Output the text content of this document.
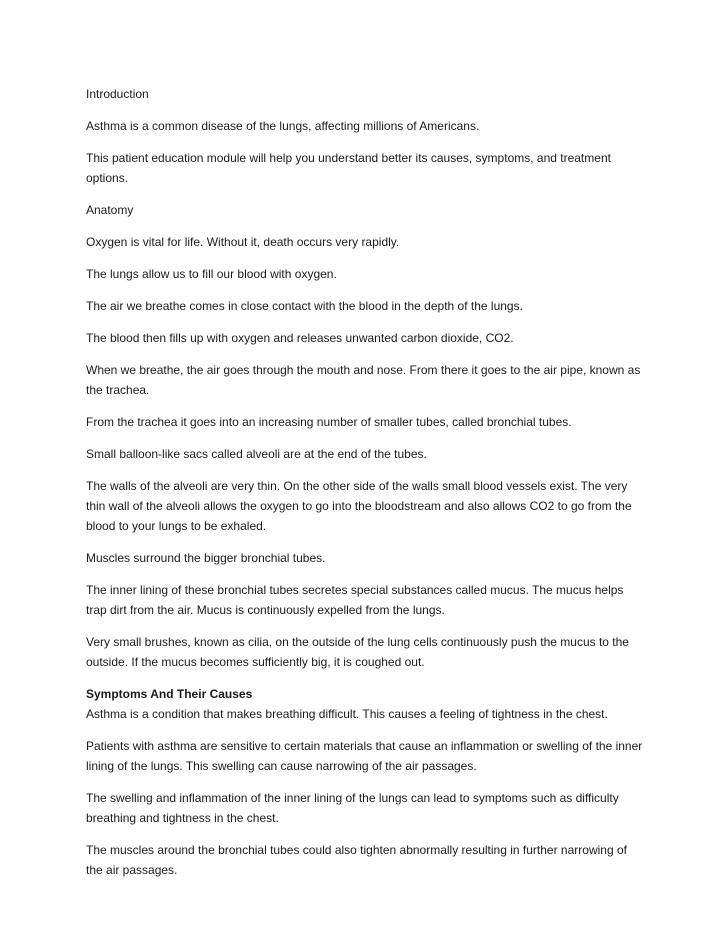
Introduction

Asthma is a common disease of the lungs, affecting millions of Americans.

This patient education module will help you understand better its causes, symptoms, and treatment options.

Anatomy

Oxygen is vital for life. Without it, death occurs very rapidly.

The lungs allow us to fill our blood with oxygen.

The air we breathe comes in close contact with the blood in the depth of the lungs.

The blood then fills up with oxygen and releases unwanted carbon dioxide, CO2.

When we breathe, the air goes through the mouth and nose. From there it goes to the air pipe, known as the trachea.

From the trachea it goes into an increasing number of smaller tubes, called bronchial tubes.

Small balloon-like sacs called alveoli are at the end of the tubes.

The walls of the alveoli are very thin. On the other side of the walls small blood vessels exist. The very thin wall of the alveoli allows the oxygen to go into the bloodstream and also allows CO2 to go from the blood to your lungs to be exhaled.

Muscles surround the bigger bronchial tubes.

The inner lining of these bronchial tubes secretes special substances called mucus. The mucus helps trap dirt from the air. Mucus is continuously expelled from the lungs.

Very small brushes, known as cilia, on the outside of the lung cells continuously push the mucus to the outside. If the mucus becomes sufficiently big, it is coughed out.

Symptoms And Their Causes

Asthma is a condition that makes breathing difficult. This causes a feeling of tightness in the chest.

Patients with asthma are sensitive to certain materials that cause an inflammation or swelling of the inner lining of the lungs. This swelling can cause narrowing of the air passages.

The swelling and inflammation of the inner lining of the lungs can lead to symptoms such as difficulty breathing and tightness in the chest.

The muscles around the bronchial tubes could also tighten abnormally resulting in further narrowing of the air passages.
